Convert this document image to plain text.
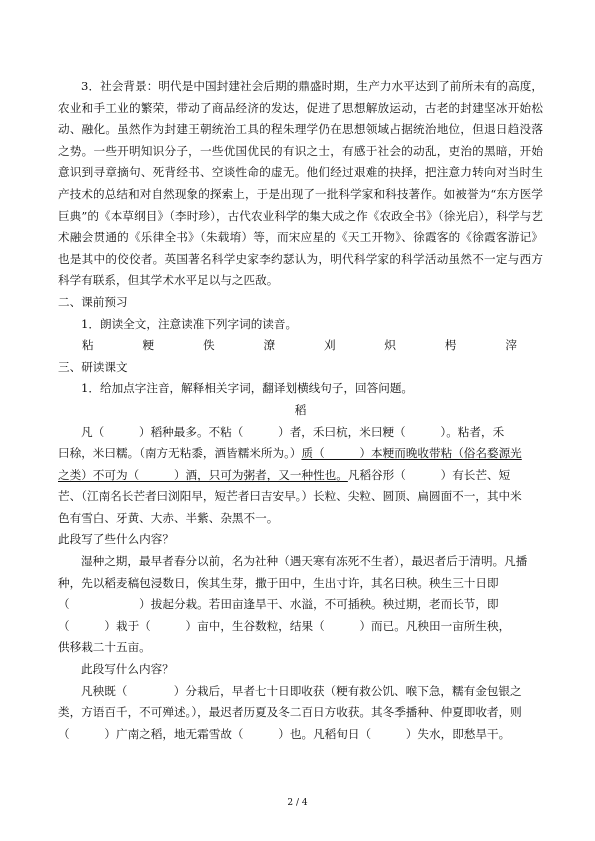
3．社会背景：明代是中国封建社会后期的鼎盛时期，生产力水平达到了前所未有的高度，农业和手工业的繁荣，带动了商品经济的发达，促进了思想解放运动，古老的封建坚冰开始松动、融化。虽然作为封建王朝统治工具的程朱理学仍在思想领域占据统治地位，但退日趋没落之势。一些开明知识分子，一些优国优民的有识之士，有感于社会的动乱，吏治的黑暗，开始意识到寻章摘句、死背经书、空谈性命的虚无。他们经过艰难的抉择，把注意力转向对当时生产技术的总结和对自然现象的探索上，于是出现了一批科学家和科技著作。如被誉为“东方医学巨典”的《本草纲目》（李时珍），古代农业科学的集大成之作《农政全书》（徐光启），科学与艺术融会贯通的《乐律全书》（朱载堉）等，而宋应星的《天工开物》、徐霞客的《徐霞客游记》也是其中的佼佼者。英国著名科学史家李约瑟认为，明代科学家的科学活动虽然不一定与西方科学有联系，但其学术水平足以与之匹敌。

二、课前预习

1．朗读全文，注意读准下列字词的读音。

粘	粳	佚	潦	刈	炽	枵	滓

三、研读课文

1．给加点字注音，解释相关字词，翻译划横线句子，回答问题。

稻

凡（　　　）稻种最多。不粘（　　　）者，禾曰杭，米曰粳（　　　）。粘者，禾

曰稌，米曰糯。（南方无粘黍，酒皆糯米所为。）质（　　　）本粳而晚收带粘（俗名婺源光

之类）不可为（　　　）酒，只可为粥者，又一种性也。凡稻谷形（　　　）有长芒、短

芒、（江南名长芒者曰浏阳早，短芒者曰吉安早。）长粒、尖粒、圆顶、扁圆面不一，其中米

色有雪白、牙黄、大赤、半紫、杂黑不一。

此段写了些什么内容？

湿种之期，最早者春分以前，名为社种（遇天寒有冻死不生者），最迟者后于清明。凡播

种，先以稻麦稿包浸数日，俟其生芽，撒于田中，生出寸许，其名曰秧。秧生三十日即

（　　　　　　）拔起分栽。若田亩逢旱干、水溢，不可插秧。秧过期，老而长节，即

（　　　）栽于（　　　）亩中，生谷数粒，结果（　　　）而已。凡秧田一亩所生秧，

供移栽二十五亩。

此段写什么内容？

凡秧既（　　　　）分栽后，早者七十日即收获（粳有救公饥、喉下急，糯有金包银之

类，方语百千，不可殚述。），最迟者历夏及冬二百日方收获。其冬季播种、仲夏即收者，则

（　　　）广南之稻，地无霜雪故（　　　）也。凡稻旬日（　　　）失水，即愁旱干。

2 / 4
